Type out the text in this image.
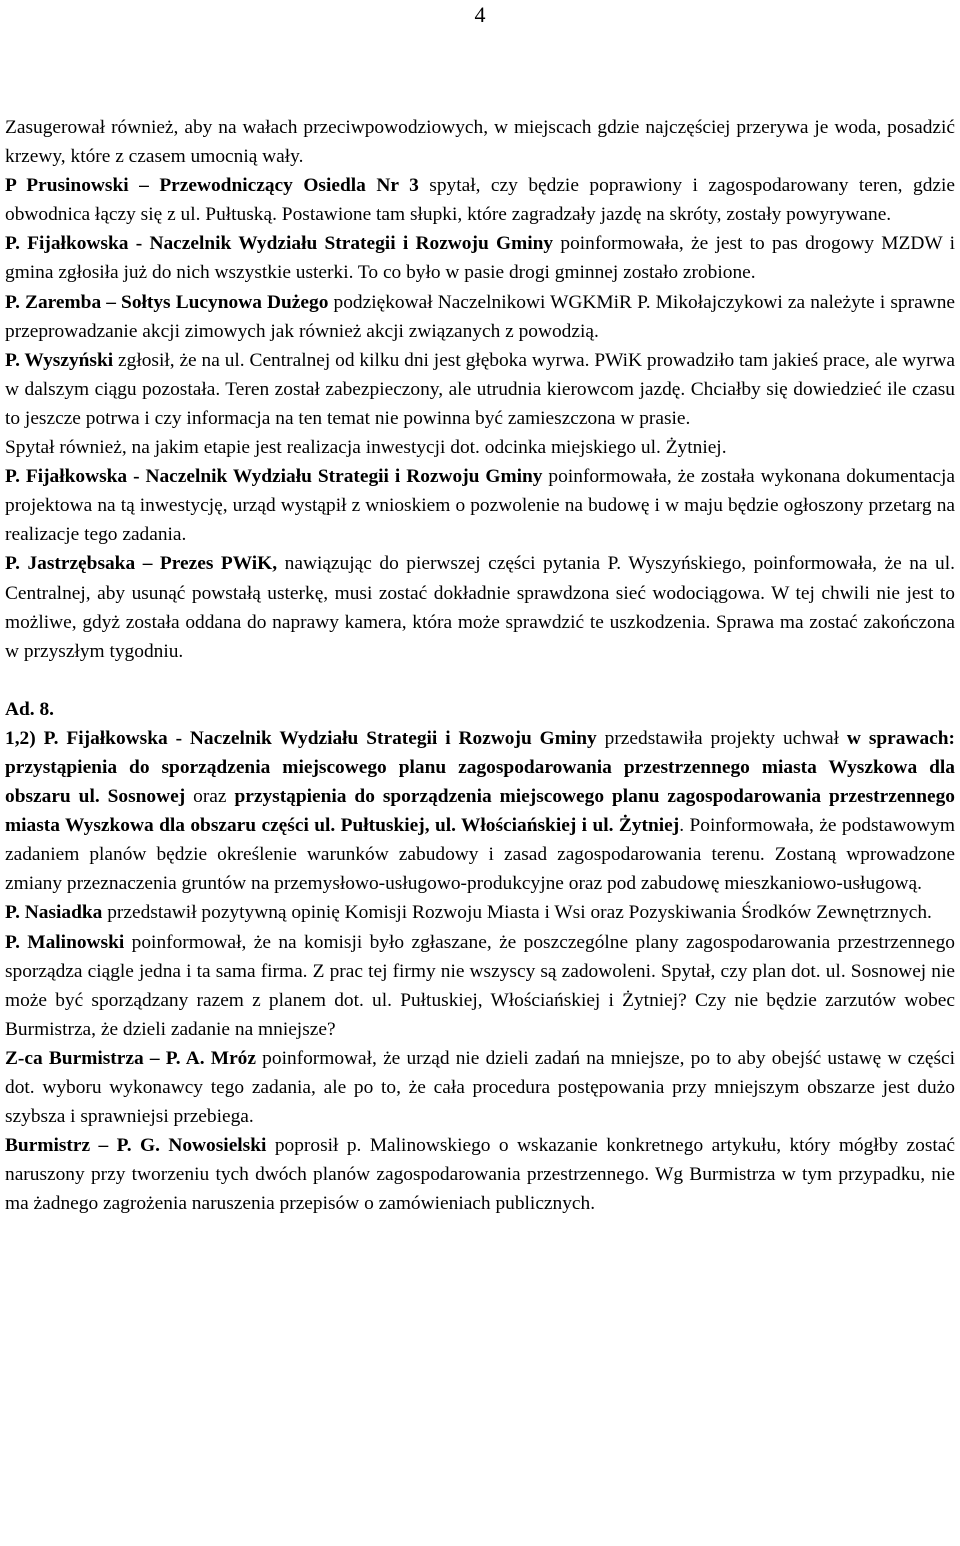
4

Zasugerował również, aby na wałach przeciwpowodziowych, w miejscach gdzie najczęściej przerywa je woda, posadzić krzewy, które z czasem umocnią wały.

P Prusinowski – Przewodniczący Osiedla Nr 3 spytał, czy będzie poprawiony i zagospodarowany teren, gdzie obwodnica łączy się z ul. Pułtuską. Postawione tam słupki, które zagradzały jazdę na skróty, zostały powyrywane.

P. Fijałkowska - Naczelnik Wydziału Strategii i Rozwoju Gminy poinformowała, że jest to pas drogowy MZDW i gmina zgłosiła już do nich wszystkie usterki. To co było w pasie drogi gminnej zostało zrobione.

P. Zaremba – Sołtys Lucynowa Dużego podziękował Naczelnikowi WGKMiR P. Mikołajczykowi za należyte i sprawne przeprowadzanie akcji zimowych jak również akcji związanych z powodzią.

P. Wyszyński zgłosił, że na ul. Centralnej od kilku dni jest głęboka wyrwa. PWiK prowadziło tam jakieś prace, ale wyrwa w dalszym ciągu pozostała. Teren został zabezpieczony, ale utrudnia kierowcom jazdę. Chciałby się dowiedzieć ile czasu to jeszcze potrwa i czy informacja na ten temat nie powinna być zamieszczona w prasie.

Spytał również, na jakim etapie jest realizacja inwestycji dot. odcinka miejskiego ul. Żytniej.

P. Fijałkowska - Naczelnik Wydziału Strategii i Rozwoju Gminy poinformowała, że została wykonana dokumentacja projektowa na tą inwestycję, urząd wystąpił z wnioskiem o pozwolenie na budowę i w maju będzie ogłoszony przetarg na realizacje tego zadania.

P. Jastrzębsaka – Prezes PWiK, nawiązując do pierwszej części pytania P. Wyszyńskiego, poinformowała, że na ul. Centralnej, aby usunąć powstałą usterkę, musi zostać dokładnie sprawdzona sieć wodociągowa. W tej chwili nie jest to możliwe, gdyż została oddana do naprawy kamera, która może sprawdzić te uszkodzenia. Sprawa ma zostać zakończona w przyszłym tygodniu.

Ad. 8.

1,2) P. Fijałkowska - Naczelnik Wydziału Strategii i Rozwoju Gminy przedstawiła projekty uchwał w sprawach: przystąpienia do sporządzenia miejscowego planu zagospodarowania przestrzennego miasta Wyszkowa dla obszaru ul. Sosnowej oraz przystąpienia do sporządzenia miejscowego planu zagospodarowania przestrzennego miasta Wyszkowa dla obszaru części ul. Pułtuskiej, ul. Włościańskiej i ul. Żytniej. Poinformowała, że podstawowym zadaniem planów będzie określenie warunków zabudowy i zasad zagospodarowania terenu. Zostaną wprowadzone zmiany przeznaczenia gruntów na przemysłowo-usługowo-produkcyjne oraz pod zabudowę mieszkaniowo-usługową.

P. Nasiadka przedstawił pozytywną opinię Komisji Rozwoju Miasta i Wsi oraz Pozyskiwania Środków Zewnętrznych.

P. Malinowski poinformował, że na komisji było zgłaszane, że poszczególne plany zagospodarowania przestrzennego sporządza ciągle jedna i ta sama firma. Z prac tej firmy nie wszyscy są zadowoleni. Spytał, czy plan dot. ul. Sosnowej nie może być sporządzany razem z planem dot. ul. Pułtuskiej, Włościańskiej i Żytniej? Czy nie będzie zarzutów wobec Burmistrza, że dzieli zadanie na mniejsze?

Z-ca Burmistrza – P. A. Mróz poinformował, że urząd nie dzieli zadań na mniejsze, po to aby obejść ustawę w części dot. wyboru wykonawcy tego zadania, ale po to, że cała procedura postępowania przy mniejszym obszarze jest dużo szybsza i sprawniejsi przebiega.

Burmistrz – P. G. Nowosielski poprosił p. Malinowskiego o wskazanie konkretnego artykułu, który mógłby zostać naruszony przy tworzeniu tych dwóch planów zagospodarowania przestrzennego. Wg Burmistrza w tym przypadku, nie ma żadnego zagrożenia naruszenia przepisów o zamówieniach publicznych.
